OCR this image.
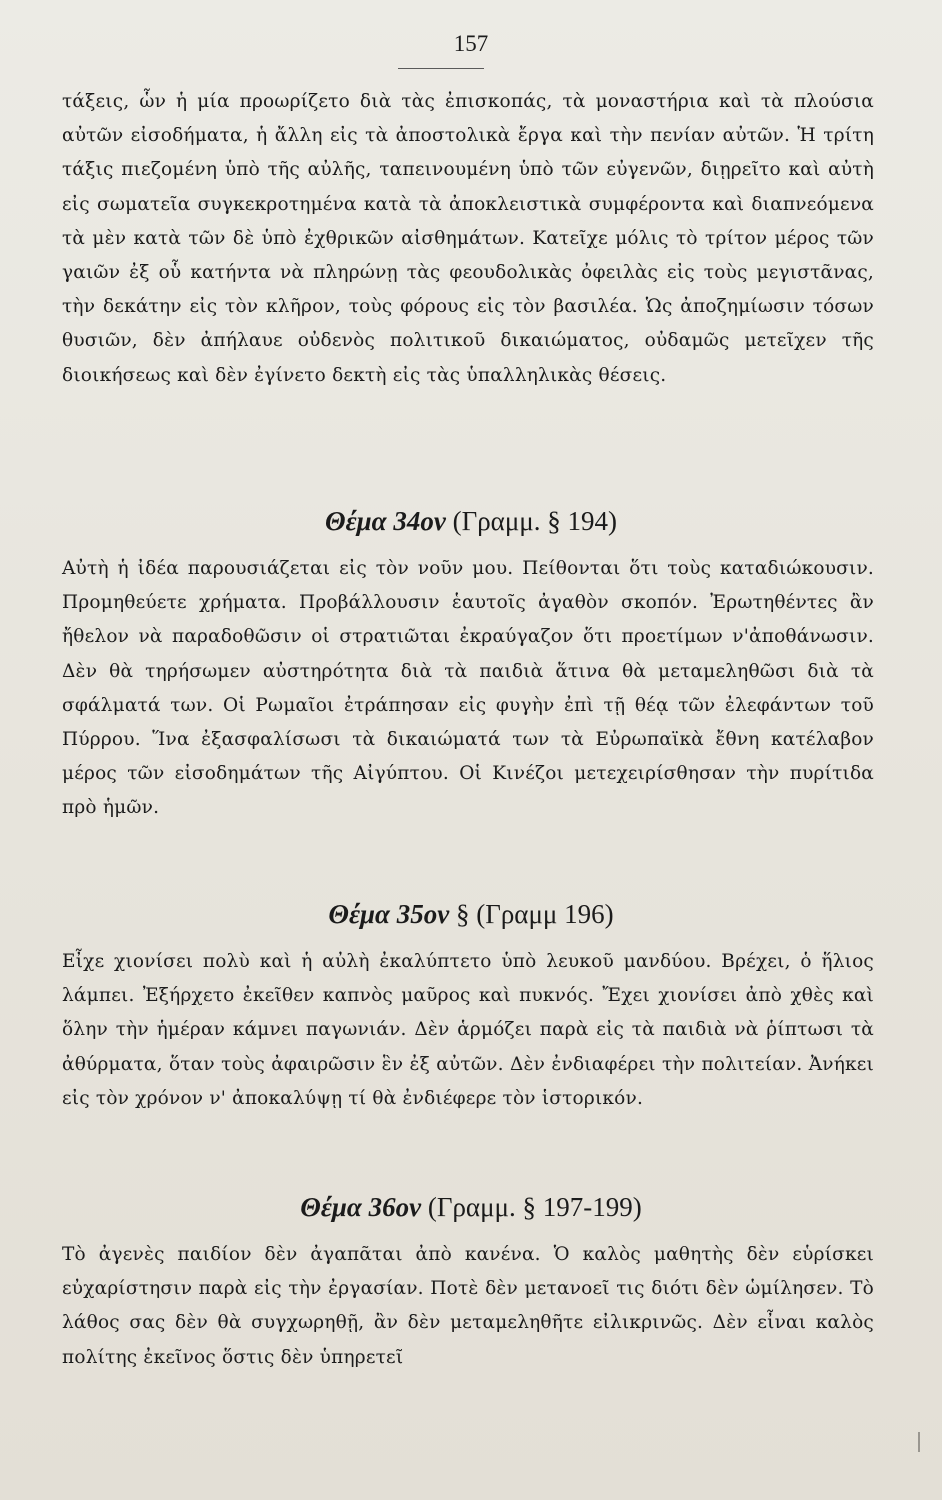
157

τάξεις, ὧν ἡ μία προωρίζετο διὰ τὰς ἐπισκοπάς, τὰ μοναστήρια καὶ τὰ πλούσια αὐτῶν εἰσοδήματα, ἡ ἄλλη εἰς τὰ ἀποστολικὰ ἔργα καὶ τὴν πενίαν αὐτῶν. Ἡ τρίτη τάξις πιεζομένη ὑπὸ τῆς αὐλῆς, ταπεινουμένη ὑπὸ τῶν εὐγενῶν, διῃρεῖτο καὶ αὐτὴ εἰς σωματεῖα συγκεκροτημένα κατὰ τὰ ἀποκλειστικὰ συμφέροντα καὶ διαπνεόμενα τὰ μὲν κατὰ τῶν δὲ ὑπὸ ἐχθρικῶν αἰσθημάτων. Κατεῖχε μόλις τὸ τρίτον μέρος τῶν γαιῶν ἐξ οὗ κατήντα νὰ πληρώνῃ τὰς φεουδολικὰς ὀφειλὰς εἰς τοὺς μεγιστᾶνας, τὴν δεκάτην εἰς τὸν κλῆρον, τοὺς φόρους εἰς τὸν βασιλέα. Ὡς ἀποζημίωσιν τόσων θυσιῶν, δὲν ἀπήλαυε οὐδενὸς πολιτικοῦ δικαιώματος, οὐδαμῶς μετεῖχεν τῆς διοικήσεως καὶ δὲν ἐγίνετο δεκτὴ εἰς τὰς ὑπαλληλικὰς θέσεις.

Θέμα 34ον (Γραμμ. § 194)

Αὐτὴ ἡ ἰδέα παρουσιάζεται εἰς τὸν νοῦν μου. Πείθονται ὅτι τοὺς καταδιώκουσιν. Προμηθεύετε χρήματα. Προβάλλουσιν ἑαυτοῖς ἀγαθὸν σκοπόν. Ἐρωτηθέντες ἂν ἤθελον νὰ παραδοθῶσιν οἱ στρατιῶται ἐκραύγαζον ὅτι προετίμων ν'ἀποθάνωσιν. Δὲν θὰ τηρήσωμεν αὐστηρότητα διὰ τὰ παιδιὰ ἅτινα θὰ μεταμεληθῶσι διὰ τὰ σφάλματά των. Οἱ Ρωμαῖοι ἐτράπησαν εἰς φυγὴν ἐπὶ τῇ θέᾳ τῶν ἐλεφάντων τοῦ Πύρρου. Ἵνα ἐξασφαλίσωσι τὰ δικαιώματά των τὰ Εὐρωπαϊκὰ ἔθνη κατέλαβον μέρος τῶν εἰσοδημάτων τῆς Αἰγύπτου. Οἱ Κινέζοι μετεχειρίσθησαν τὴν πυρίτιδα πρὸ ἡμῶν.

Θέμα 35ον § (Γραμμ 196)

Εἶχε χιονίσει πολὺ καὶ ἡ αὐλὴ ἐκαλύπτετο ὑπὸ λευκοῦ μανδύου. Βρέχει, ὁ ἥλιος λάμπει. Ἐξήρχετο ἐκεῖθεν καπνὸς μαῦρος καὶ πυκνός. Ἔχει χιονίσει ἀπὸ χθὲς καὶ ὅλην τὴν ἡμέραν κάμνει παγωνιάν. Δὲν ἁρμόζει παρὰ εἰς τὰ παιδιὰ νὰ ῥίπτωσι τὰ ἀθύρματα, ὅταν τοὺς ἀφαιρῶσιν ἓν ἐξ αὐτῶν. Δὲν ἐνδιαφέρει τὴν πολιτείαν. Ἀνήκει εἰς τὸν χρόνον ν' ἀποκαλύψῃ τί θὰ ἐνδιέφερε τὸν ἱστορικόν.

Θέμα 36ον (Γραμμ. § 197-199)

Τὸ ἀγενὲς παιδίον δὲν ἀγαπᾶται ἀπὸ κανένα. Ὁ καλὸς μαθητὴς δὲν εὑρίσκει εὐχαρίστησιν παρὰ εἰς τὴν ἐργασίαν. Ποτὲ δὲν μετανοεῖ τις διότι δὲν ὡμίλησεν. Τὸ λάθος σας δὲν θὰ συγχωρηθῇ, ἂν δὲν μεταμεληθῆτε εἰλικρινῶς. Δὲν εἶναι καλὸς πολίτης ἐκεῖνος ὅστις δὲν ὑπηρετεῖ
